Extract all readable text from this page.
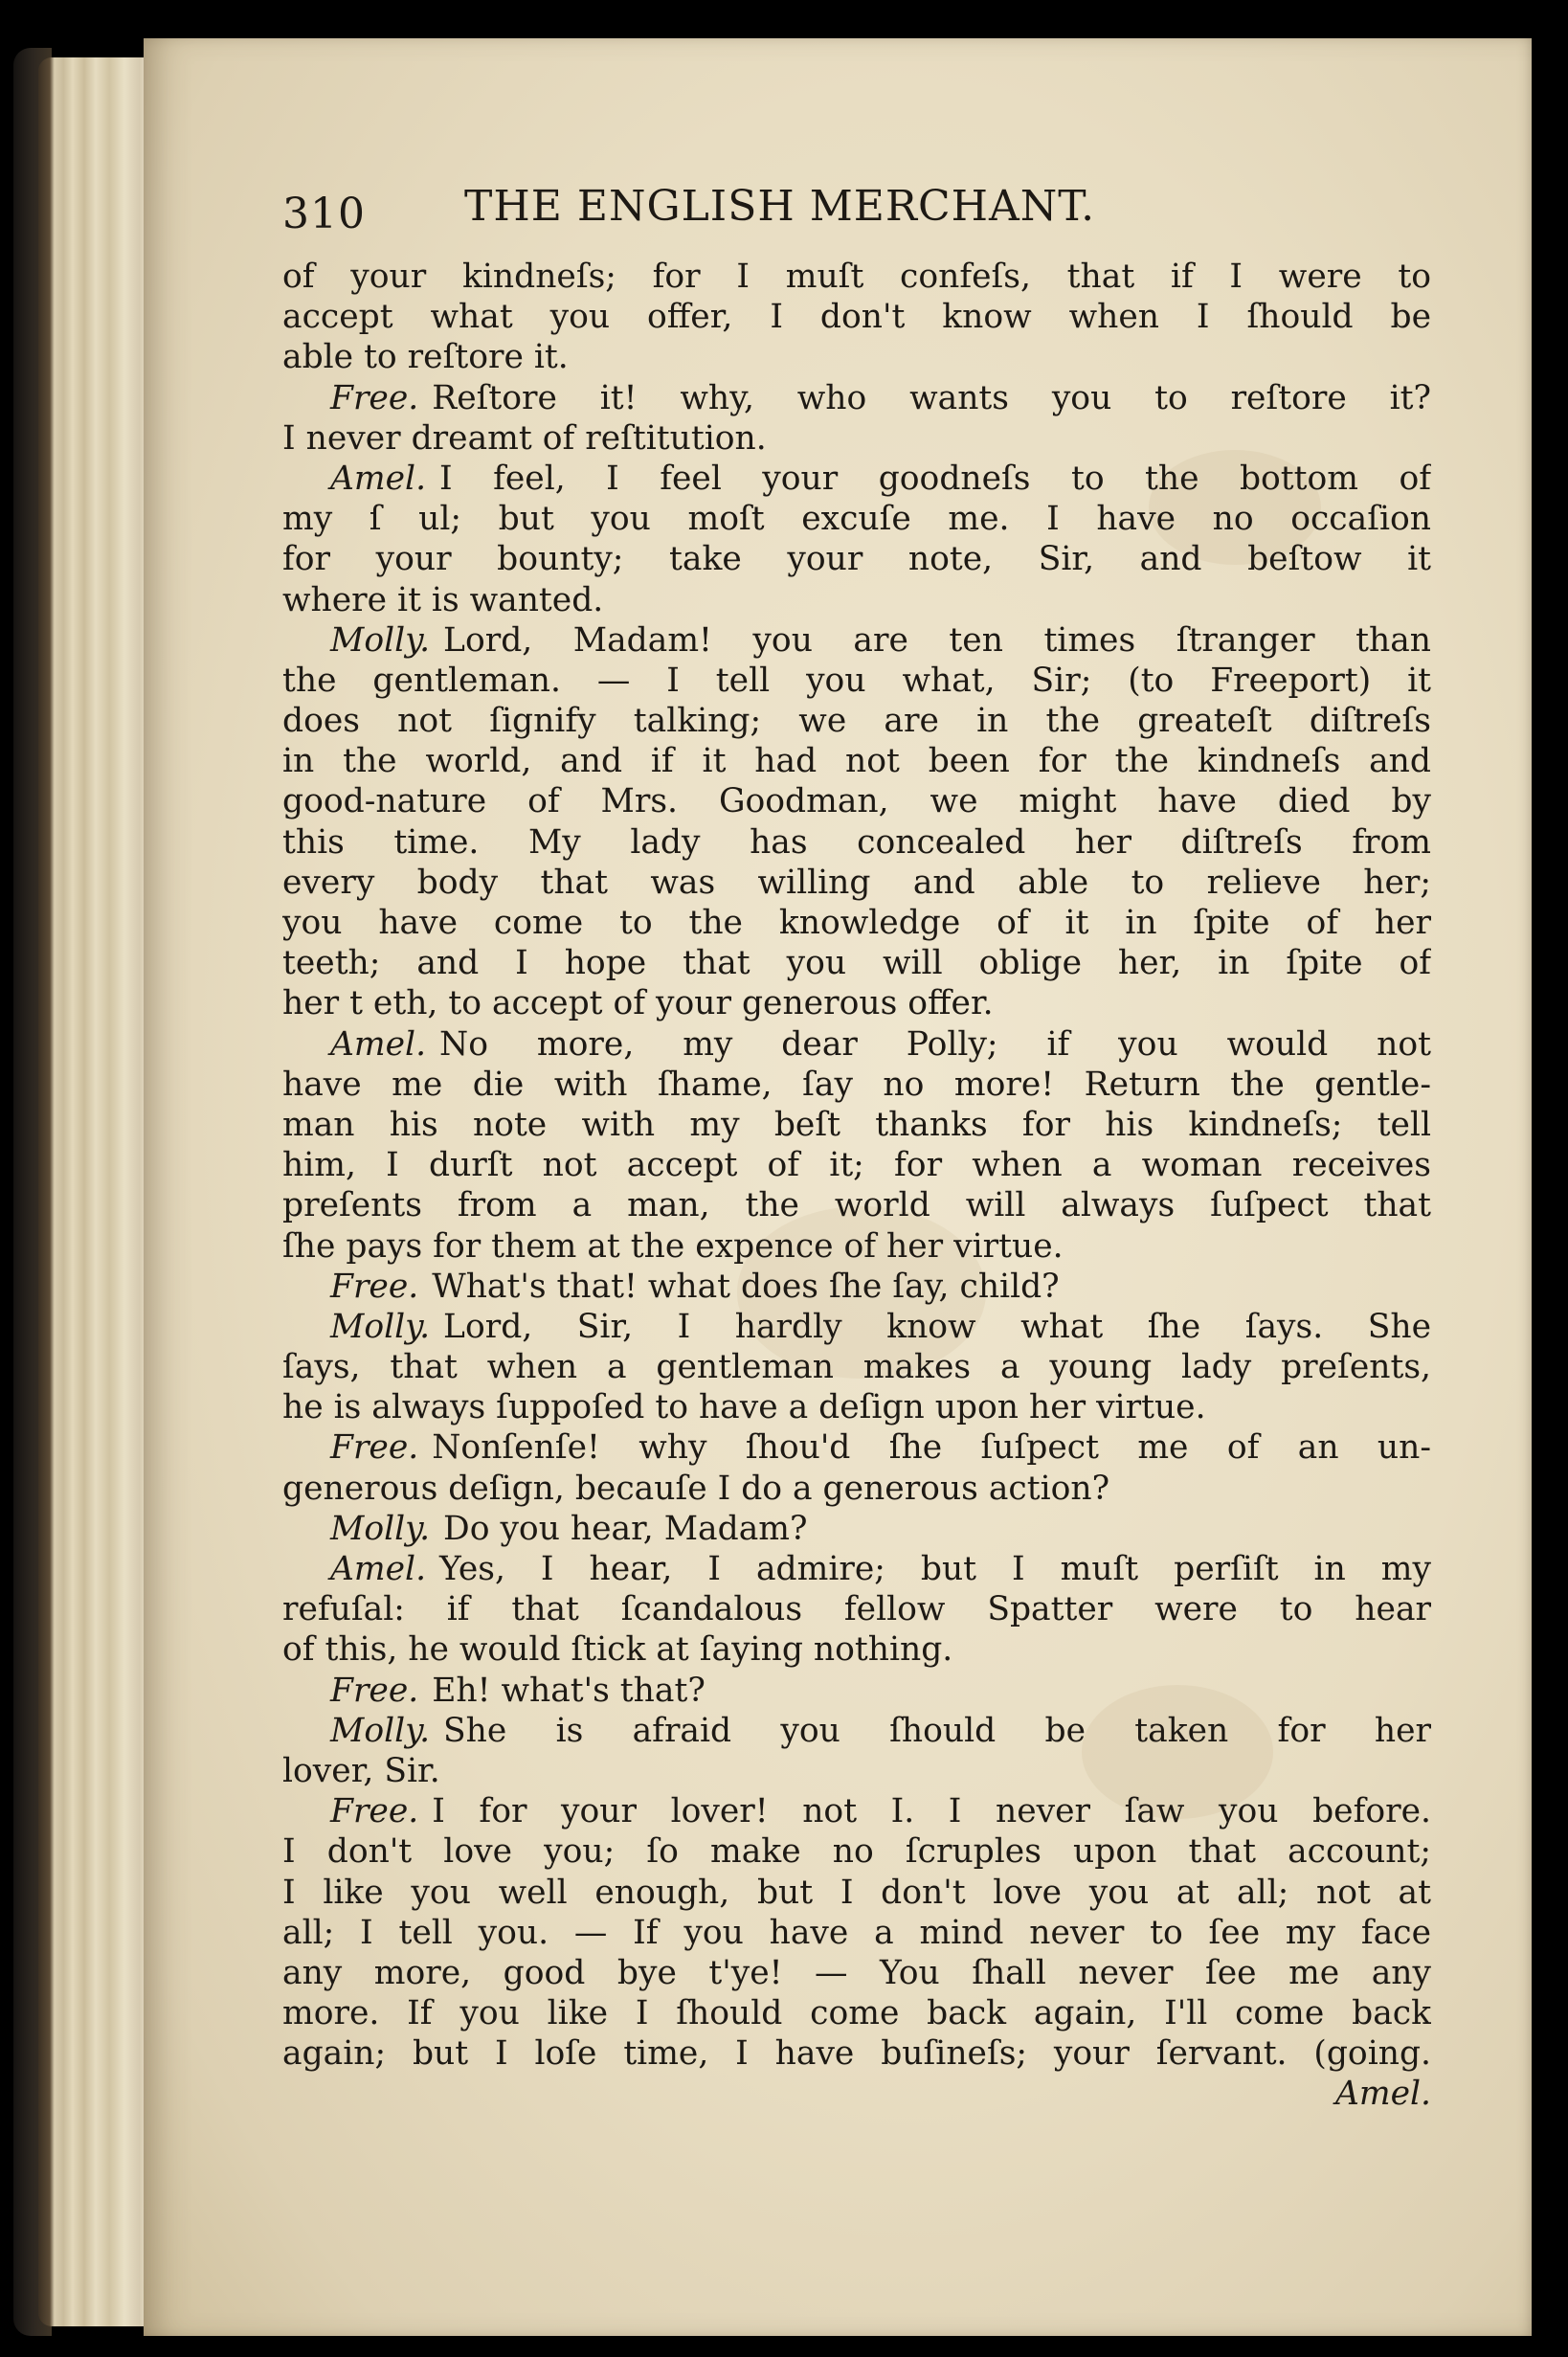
310 THE ENGLISH MERCHANT.
of your kindneſs; for I muſt confeſs, that if I were to
accept what you offer, I don't know when I ſhould be
able to reſtore it.
Free. Reſtore it! why, who wants you to reſtore it?
I never dreamt of reſtitution.
Amel. I feel, I feel your goodneſs to the bottom of
my ſ ul; but you moſt excuſe me. I have no occaſion
for your bounty; take your note, Sir, and beſtow it
where it is wanted.
Molly. Lord, Madam! you are ten times ſtranger than
the gentleman. — I tell you what, Sir; (to Freeport) it
does not ſignify talking; we are in the greateſt diſtreſs
in the world, and if it had not been for the kindneſs and
good-nature of Mrs. Goodman, we might have died by
this time. My lady has concealed her diſtreſs from
every body that was willing and able to relieve her;
you have come to the knowledge of it in ſpite of her
teeth; and I hope that you will oblige her, in ſpite of
her t eth, to accept of your generous offer.
Amel. No more, my dear Polly; if you would not
have me die with ſhame, ſay no more! Return the gentle-
man his note with my beſt thanks for his kindneſs; tell
him, I durſt not accept of it; for when a woman receives
preſents from a man, the world will always ſuſpect that
ſhe pays for them at the expence of her virtue.
Free. What's that! what does ſhe ſay, child?
Molly. Lord, Sir, I hardly know what ſhe ſays. She
ſays, that when a gentleman makes a young lady preſents,
he is always ſuppoſed to have a deſign upon her virtue.
Free. Nonſenſe! why ſhou'd ſhe ſuſpect me of an un-
generous deſign, becauſe I do a generous action?
Molly. Do you hear, Madam?
Amel. Yes, I hear, I admire; but I muſt perſiſt in my
refuſal: if that ſcandalous fellow Spatter were to hear
of this, he would ſtick at ſaying nothing.
Free. Eh! what's that?
Molly. She is afraid you ſhould be taken for her
lover, Sir.
Free. I for your lover! not I. I never ſaw you before.
I don't love you; ſo make no ſcruples upon that account;
I like you well enough, but I don't love you at all; not at
all; I tell you. — If you have a mind never to ſee my face
any more, good bye t'ye! — You ſhall never ſee me any
more. If you like I ſhould come back again, I'll come back
again; but I loſe time, I have buſineſs; your ſervant. (going.
Amel.
